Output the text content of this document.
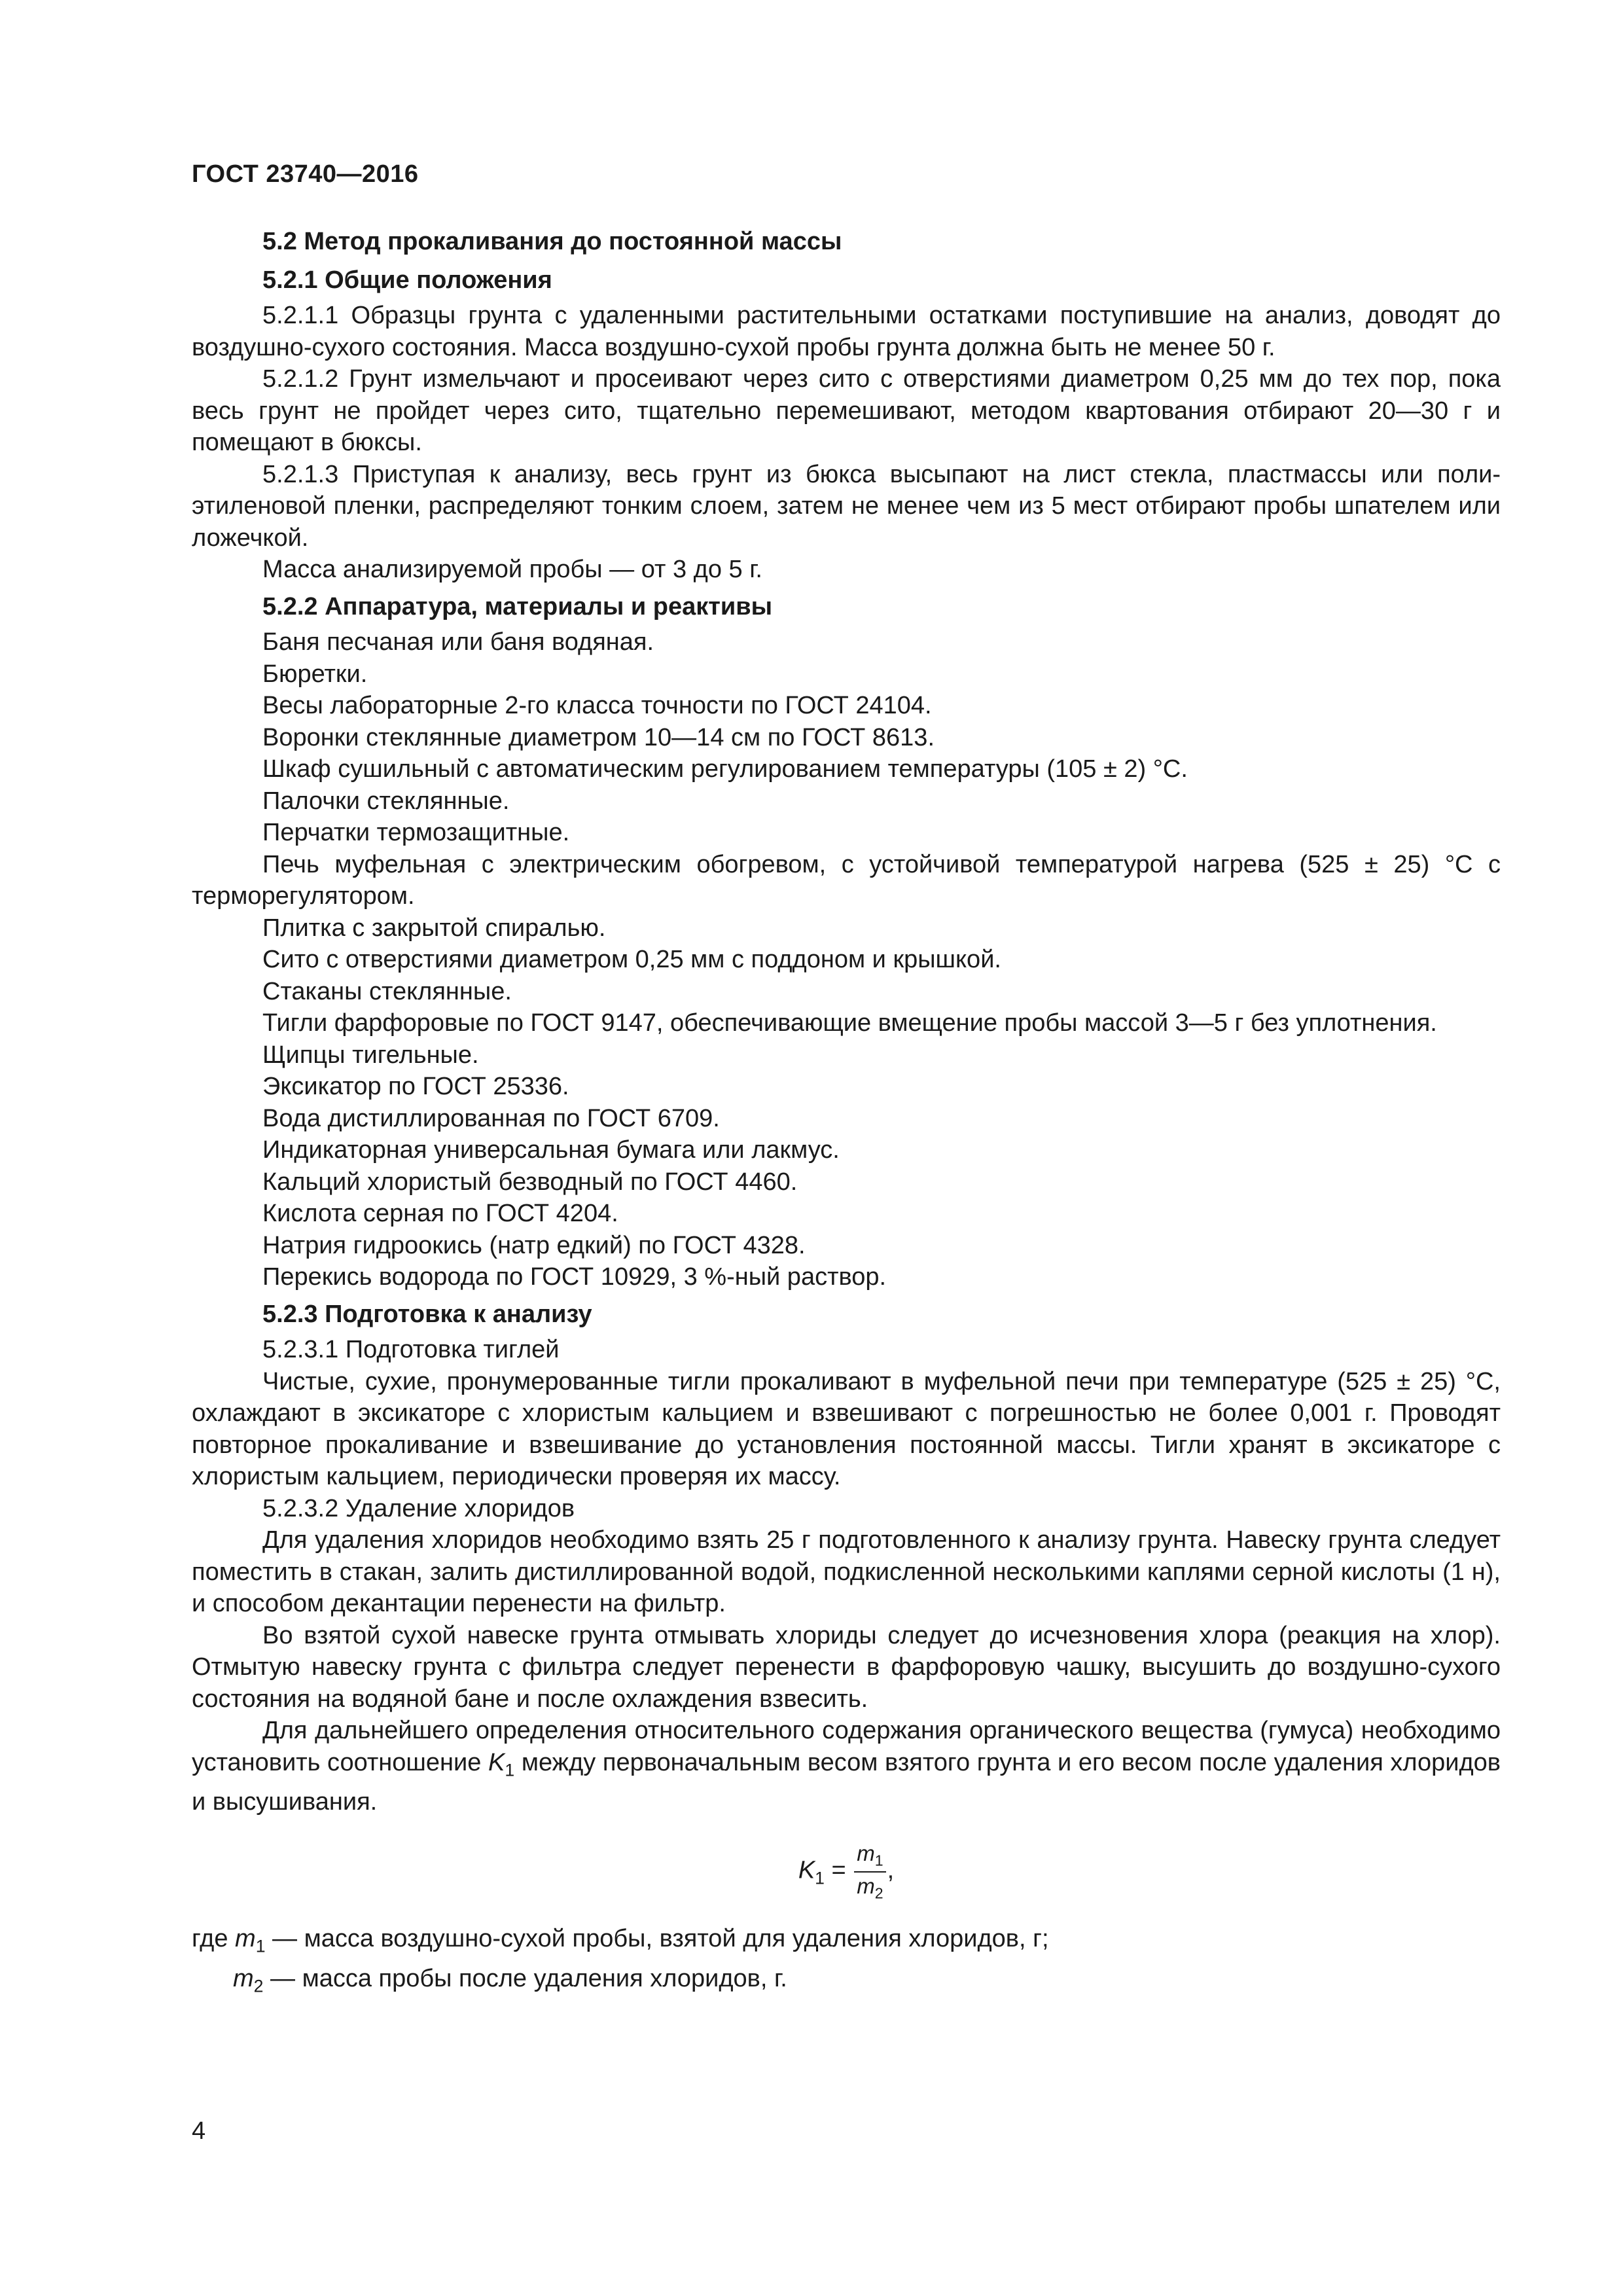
ГОСТ 23740—2016

5.2 Метод прокаливания до постоянной массы

5.2.1 Общие положения

5.2.1.1 Образцы грунта с удаленными растительными остатками поступившие на анализ, доводят до воздушно-сухого состояния. Масса воздушно-сухой пробы грунта должна быть не менее 50 г.

5.2.1.2 Грунт измельчают и просеивают через сито с отверстиями диаметром 0,25 мм до тех пор, пока весь грунт не пройдет через сито, тщательно перемешивают, методом квартования отбирают 20—30 г и помещают в бюксы.

5.2.1.3 Приступая к анализу, весь грунт из бюкса высыпают на лист стекла, пластмассы или полиэтиленовой пленки, распределяют тонким слоем, затем не менее чем из 5 мест отбирают пробы шпателем или ложечкой.

Масса анализируемой пробы — от 3 до 5 г.

5.2.2 Аппаратура, материалы и реактивы

Баня песчаная или баня водяная.

Бюретки.

Весы лабораторные 2-го класса точности по ГОСТ 24104.

Воронки стеклянные диаметром 10—14 см по ГОСТ 8613.

Шкаф сушильный с автоматическим регулированием температуры (105 ± 2) °С.

Палочки стеклянные.

Перчатки термозащитные.

Печь муфельная с электрическим обогревом, с устойчивой температурой нагрева (525 ± 25) °С с терморегулятором.

Плитка с закрытой спиралью.

Сито с отверстиями диаметром 0,25 мм с поддоном и крышкой.

Стаканы стеклянные.

Тигли фарфоровые по ГОСТ 9147, обеспечивающие вмещение пробы массой 3—5 г без уплотнения.

Щипцы тигельные.

Эксикатор по ГОСТ 25336.

Вода дистиллированная по ГОСТ 6709.

Индикаторная универсальная бумага или лакмус.

Кальций хлористый безводный по ГОСТ 4460.

Кислота серная по ГОСТ 4204.

Натрия гидроокись (натр едкий) по ГОСТ 4328.

Перекись водорода по ГОСТ 10929, 3 %-ный раствор.

5.2.3 Подготовка к анализу

5.2.3.1 Подготовка тиглей

Чистые, сухие, пронумерованные тигли прокаливают в муфельной печи при температуре (525 ± 25) °С, охлаждают в эксикаторе с хлористым кальцием и взвешивают с погрешностью не более 0,001 г. Проводят повторное прокаливание и взвешивание до установления постоянной массы. Тигли хранят в эксикаторе с хлористым кальцием, периодически проверяя их массу.

5.2.3.2 Удаление хлоридов

Для удаления хлоридов необходимо взять 25 г подготовленного к анализу грунта. Навеску грунта следует поместить в стакан, залить дистиллированной водой, подкисленной несколькими каплями серной кислоты (1 н), и способом декантации перенести на фильтр.

Во взятой сухой навеске грунта отмывать хлориды следует до исчезновения хлора (реакция на хлор). Отмытую навеску грунта с фильтра следует перенести в фарфоровую чашку, высушить до воздушно-сухого состояния на водяной бане и после охлаждения взвесить.

Для дальнейшего определения относительного содержания органического вещества (гумуса) необходимо установить соотношение $K_1$ между первоначальным весом взятого грунта и его весом после удаления хлоридов и высушивания.

$K_1 = \frac{m_1}{m_2}$ ,

где $m_1$ — масса воздушно-сухой пробы, взятой для удаления хлоридов, г;

$m_2$ — масса пробы после удаления хлоридов, г.

4
